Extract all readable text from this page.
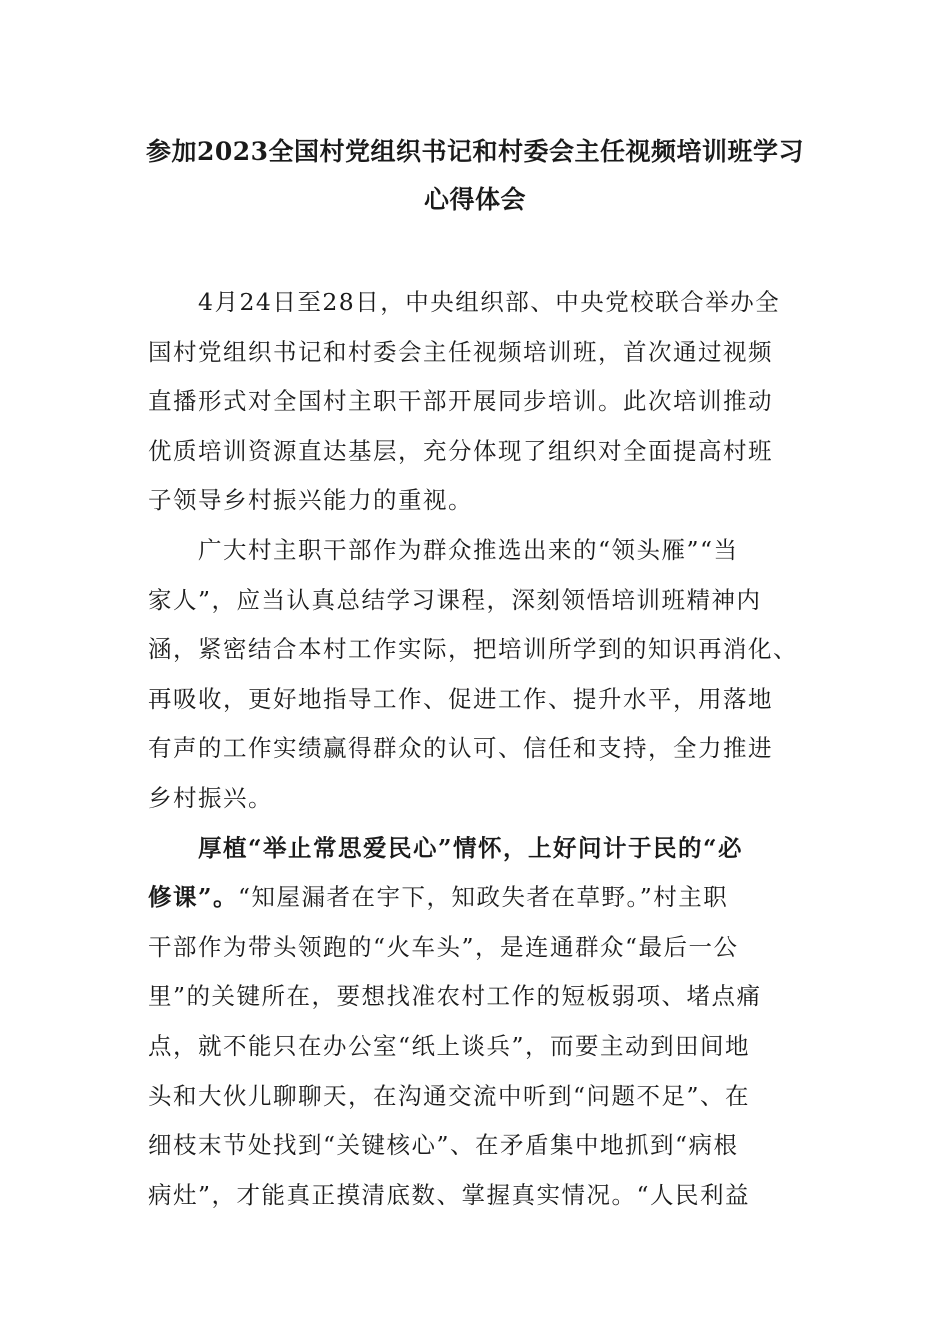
参加2023全国村党组织书记和村委会主任视频培训班学习
心得体会
4月24日至28日，中央组织部、中央党校联合举办全
国村党组织书记和村委会主任视频培训班，首次通过视频
直播形式对全国村主职干部开展同步培训。此次培训推动
优质培训资源直达基层，充分体现了组织对全面提高村班
子领导乡村振兴能力的重视。
广大村主职干部作为群众推选出来的“领头雁”“当
家人”，应当认真总结学习课程，深刻领悟培训班精神内
涵，紧密结合本村工作实际，把培训所学到的知识再消化、
再吸收，更好地指导工作、促进工作、提升水平，用落地
有声的工作实绩赢得群众的认可、信任和支持，全力推进
乡村振兴。
厚植“举止常思爱民心”情怀，上好问计于民的“必
修课”。“知屋漏者在宇下，知政失者在草野。”村主职
干部作为带头领跑的“火车头”，是连通群众“最后一公
里”的关键所在，要想找准农村工作的短板弱项、堵点痛
点，就不能只在办公室“纸上谈兵”，而要主动到田间地
头和大伙儿聊聊天，在沟通交流中听到“问题不足”、在
细枝末节处找到“关键核心”、在矛盾集中地抓到“病根
病灶”，才能真正摸清底数、掌握真实情况。“人民利益
